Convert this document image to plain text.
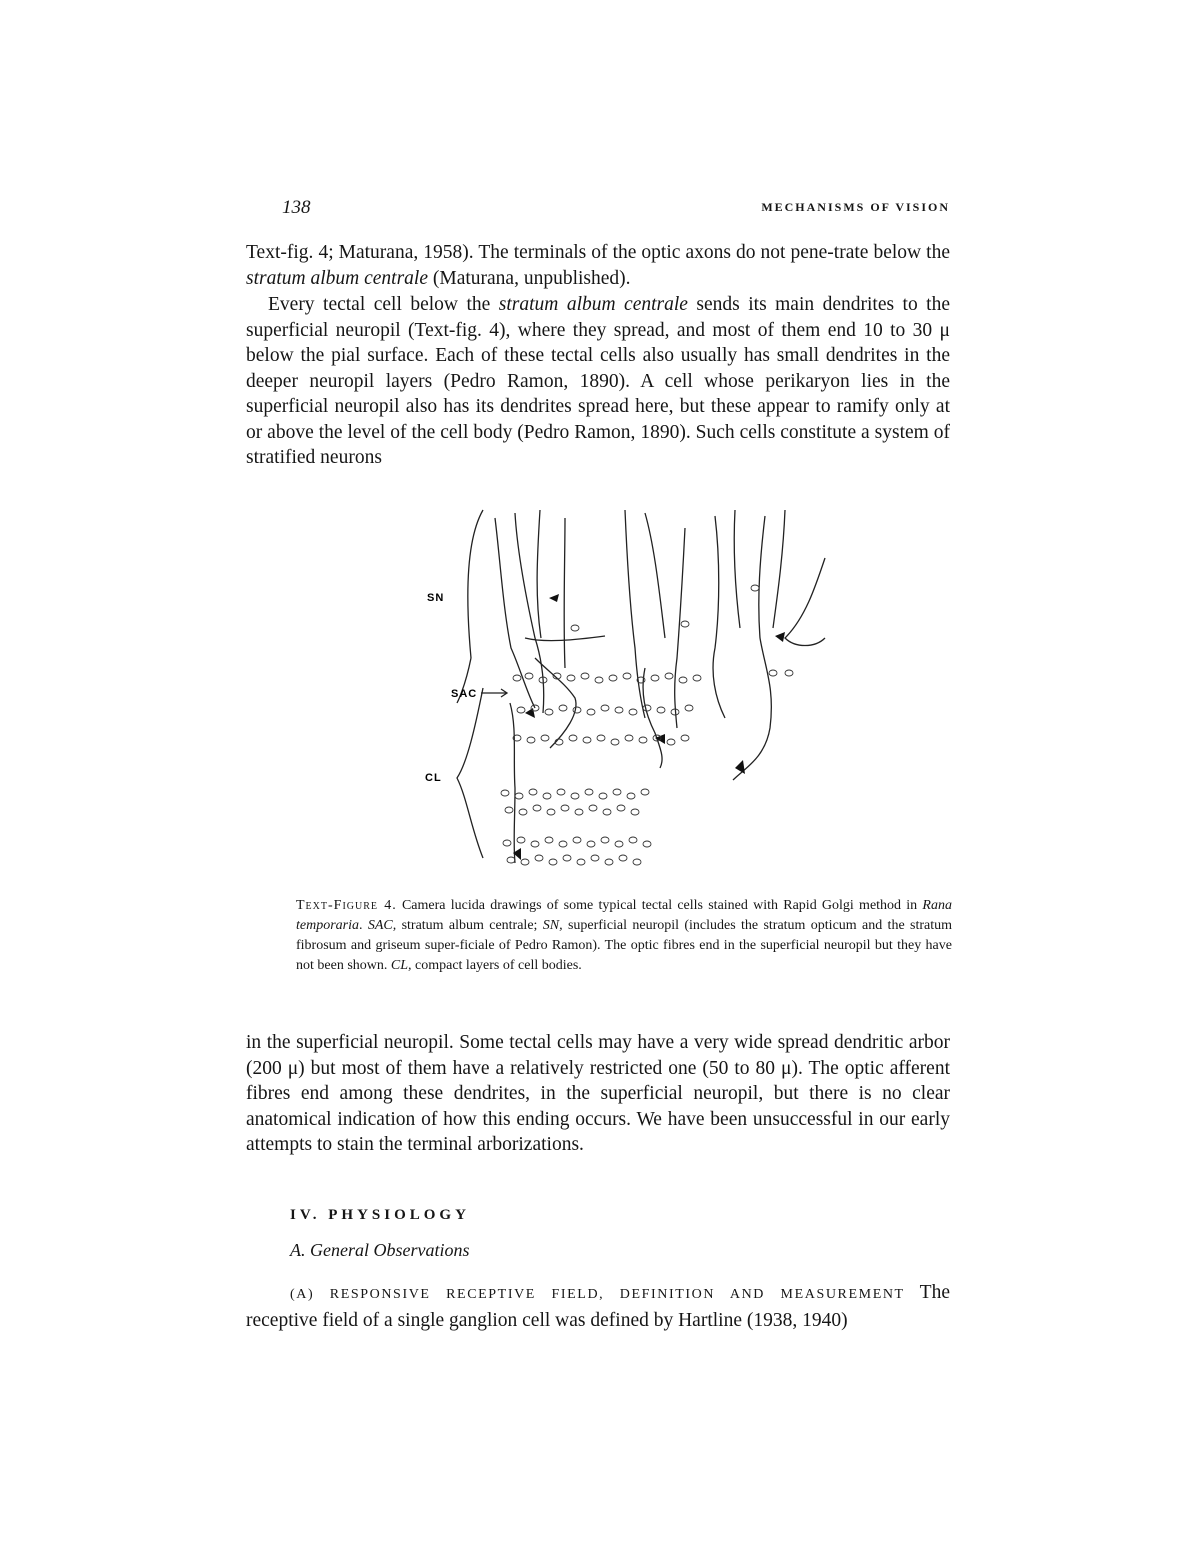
138	MECHANISMS OF VISION

Text-fig. 4; Maturana, 1958). The terminals of the optic axons do not pene-trate below the stratum album centrale (Maturana, unpublished).

Every tectal cell below the stratum album centrale sends its main dendrites to the superficial neuropil (Text-fig. 4), where they spread, and most of them end 10 to 30 μ below the pial surface. Each of these tectal cells also usually has small dendrites in the deeper neuropil layers (Pedro Ramon, 1890). A cell whose perikaryon lies in the superficial neuropil also has its dendrites spread here, but these appear to ramify only at or above the level of the cell body (Pedro Ramon, 1890). Such cells constitute a system of stratified neurons

SN
SAC
CL

Text-Figure 4. Camera lucida drawings of some typical tectal cells stained with Rapid Golgi method in Rana temporaria. SAC, stratum album centrale; SN, superficial neuropil (includes the stratum opticum and the stratum fibrosum and griseum super-ficiale of Pedro Ramon). The optic fibres end in the superficial neuropil but they have not been shown. CL, compact layers of cell bodies.

in the superficial neuropil. Some tectal cells may have a very wide spread dendritic arbor (200 μ) but most of them have a relatively restricted one (50 to 80 μ). The optic afferent fibres end among these dendrites, in the superficial neuropil, but there is no clear anatomical indication of how this ending occurs. We have been unsuccessful in our early attempts to stain the terminal arborizations.

IV. PHYSIOLOGY
A. General Observations

(A) RESPONSIVE RECEPTIVE FIELD, DEFINITION AND MEASUREMENT The receptive field of a single ganglion cell was defined by Hartline (1938, 1940)
